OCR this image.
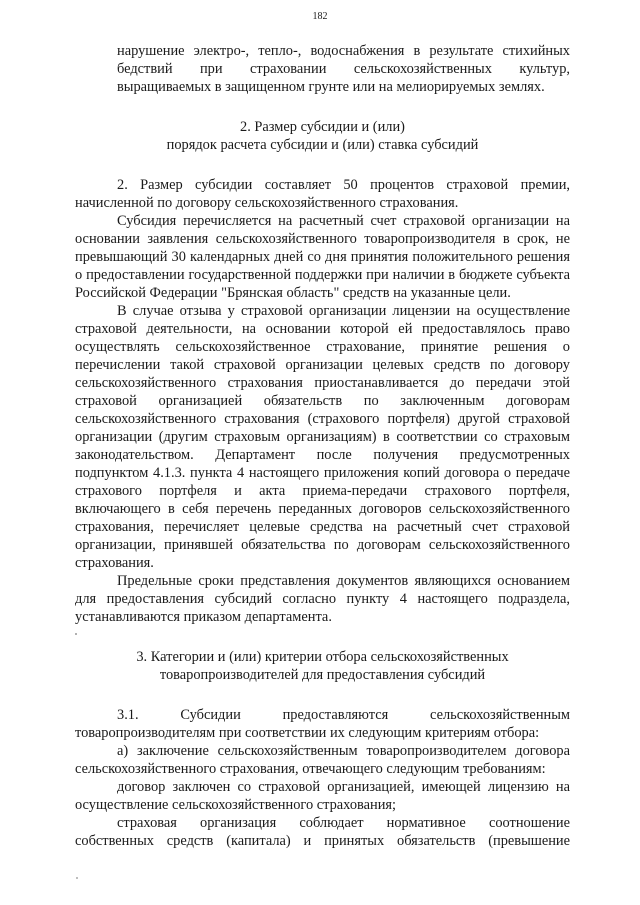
182

нарушение электро-, тепло-, водоснабжения в результате стихийных бедствий при страховании сельскохозяйственных культур, выращиваемых в защищенном грунте или на мелиорируемых землях.

2. Размер субсидии и (или)

порядок расчета субсидии и (или) ставка субсидий

2. Размер субсидии составляет 50 процентов страховой премии, начисленной по договору сельскохозяйственного страхования.

Субсидия перечисляется на расчетный счет страховой организации на основании заявления сельскохозяйственного товаропроизводителя в срок, не превышающий 30 календарных дней со дня принятия положительного решения о предоставлении государственной поддержки при наличии в бюджете субъекта Российской Федерации "Брянская область" средств на указанные цели.

В случае отзыва у страховой организации лицензии на осуществление страховой деятельности, на основании которой ей предоставлялось право осуществлять сельскохозяйственное страхование, принятие решения о перечислении такой страховой организации целевых средств по договору сельскохозяйственного страхования приостанавливается до передачи этой страховой организацией обязательств по заключенным договорам сельскохозяйственного страхования (страхового портфеля) другой страховой организации (другим страховым организациям) в соответствии со страховым законодательством. Департамент после получения предусмотренных подпунктом 4.1.3. пункта 4 настоящего приложения копий договора о передаче страхового портфеля и акта приема-передачи страхового портфеля, включающего в себя перечень переданных договоров сельскохозяйственного страхования, перечисляет целевые средства на расчетный счет страховой организации, принявшей обязательства по договорам сельскохозяйственного страхования.

Предельные сроки представления документов являющихся основанием для предоставления субсидий согласно пункту 4 настоящего подраздела, устанавливаются приказом департамента.

3. Категории и (или) критерии отбора сельскохозяйственных

товаропроизводителей для предоставления субсидий

3.1. Субсидии предоставляются сельскохозяйственным товаропроизводителям при соответствии их следующим критериям отбора:

а) заключение сельскохозяйственным товаропроизводителем договора сельскохозяйственного страхования, отвечающего следующим требованиям:

договор заключен со страховой организацией, имеющей лицензию на осуществление сельскохозяйственного страхования;

страховая организация соблюдает нормативное соотношение собственных средств (капитала) и принятых обязательств (превышение
